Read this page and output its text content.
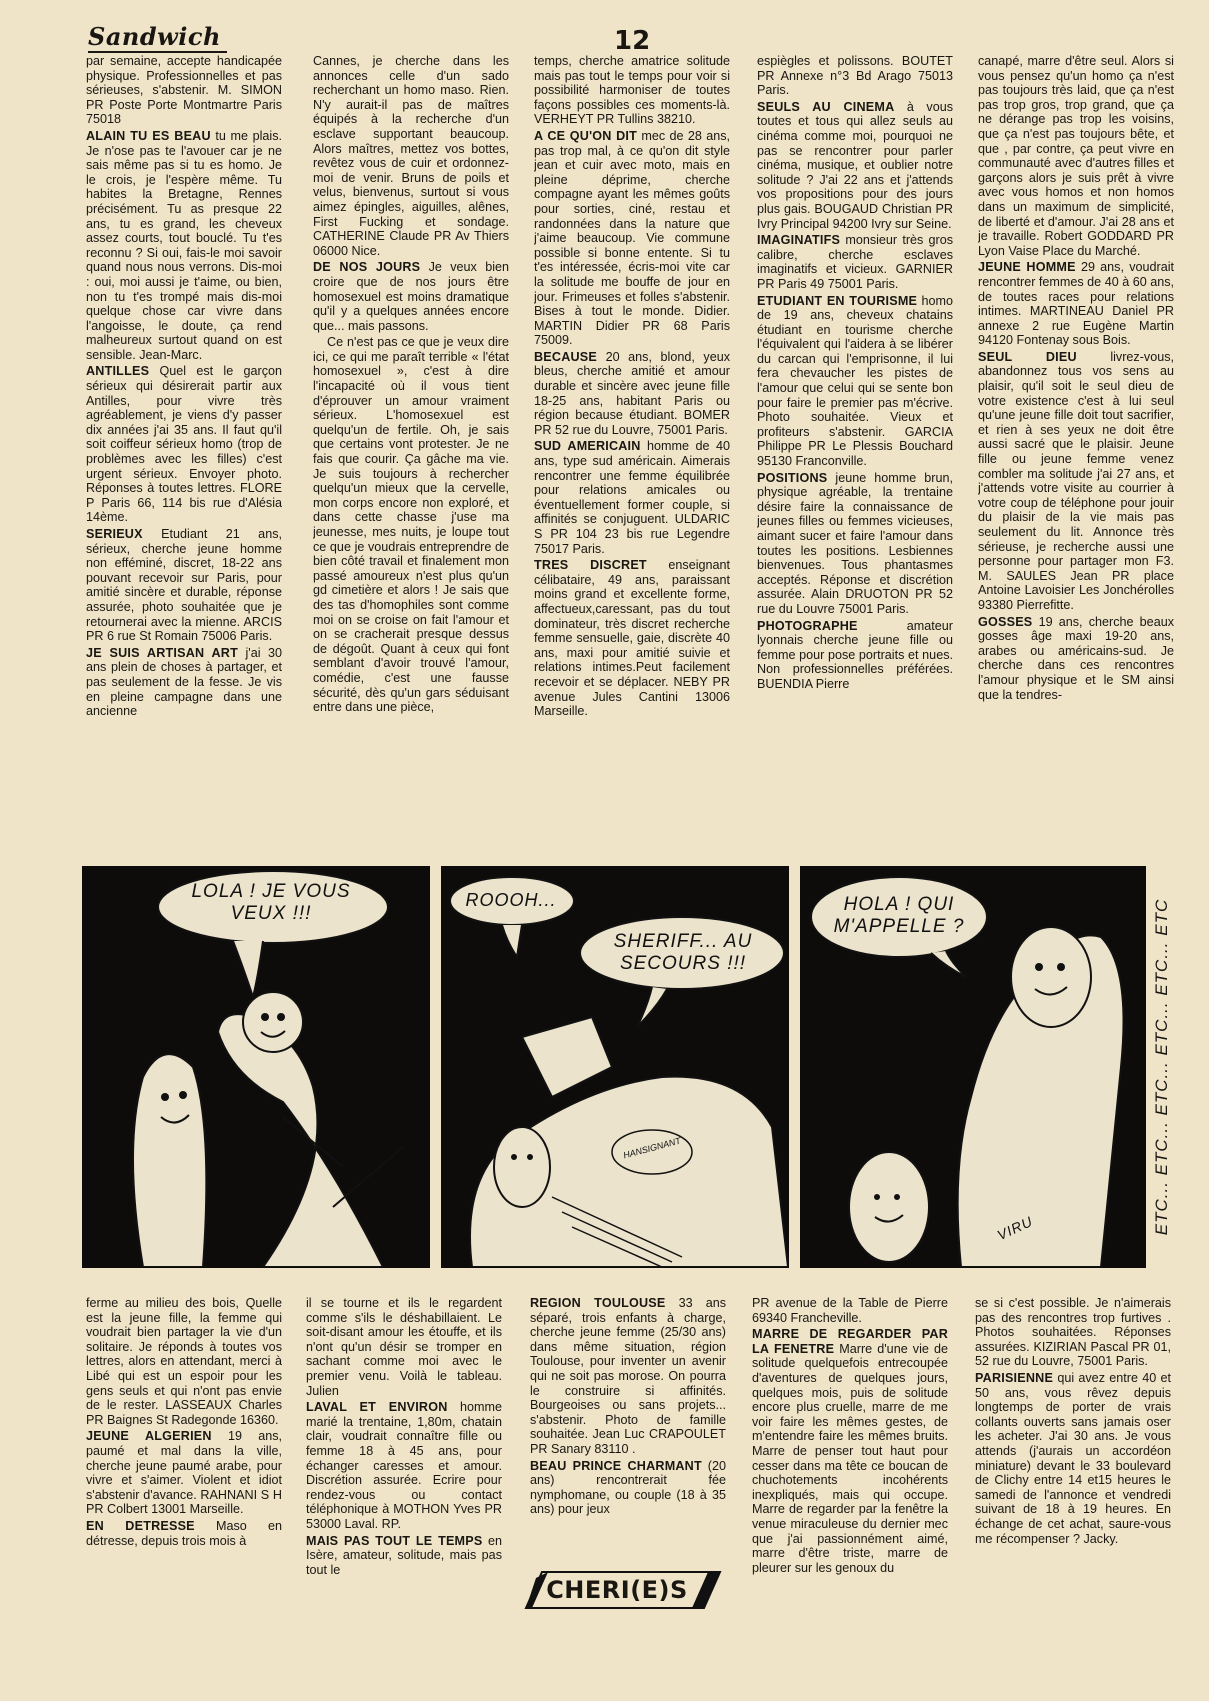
Sandwich	12

par semaine, accepte handicapée physique. Professionnelles et pas sérieuses, s'abstenir. M. SIMON PR Poste Porte Montmartre Paris 75018

ALAIN TU ES BEAU tu me plais. Je n'ose pas te l'avouer car je ne sais même pas si tu es homo. Je le crois, je l'espère même. Tu habites la Bretagne, Rennes précisément. Tu as presque 22 ans, tu es grand, les cheveux assez courts, tout bouclé. Tu t'es reconnu ? Si oui, fais-le moi savoir quand nous nous verrons. Dis-moi : oui, moi aussi je t'aime, ou bien, non tu t'es trompé mais dis-moi quelque chose car vivre dans l'angoisse, le doute, ça rend malheureux surtout quand on est sensible. Jean-Marc.

ANTILLES Quel est le garçon sérieux qui désirerait partir aux Antilles, pour vivre très agréablement, je viens d'y passer dix années j'ai 35 ans. Il faut qu'il soit coiffeur sérieux homo (trop de problèmes avec les filles) c'est urgent sérieux. Envoyer photo. Réponses à toutes lettres. FLORE P Paris 66, 114 bis rue d'Alésia 14ème.

SERIEUX Etudiant 21 ans, sérieux, cherche jeune homme non efféminé, discret, 18-22 ans pouvant recevoir sur Paris, pour amitié sincère et durable, réponse assurée, photo souhaitée que je retournerai avec la mienne. ARCIS PR 6 rue St Romain 75006 Paris.

JE SUIS ARTISAN ART j'ai 30 ans plein de choses à partager, et pas seulement de la fesse. Je vis en pleine campagne dans une ancienne

Cannes, je cherche dans les annonces celle d'un sado recherchant un homo maso. Rien. N'y aurait-il pas de maîtres équipés à la recherche d'un esclave supportant beaucoup. Alors maîtres, mettez vos bottes, revêtez vous de cuir et ordonnez-moi de venir. Bruns de poils et velus, bienvenus, surtout si vous aimez épingles, aiguilles, alênes, First Fucking et sondage. CATHERINE Claude PR Av Thiers 06000 Nice.

DE NOS JOURS Je veux bien croire que de nos jours être homosexuel est moins dramatique qu'il y a quelques années encore que... mais passons.

Ce n'est pas ce que je veux dire ici, ce qui me paraît terrible « l'état homosexuel », c'est à dire l'incapacité où il vous tient d'éprouver un amour vraiment sérieux. L'homosexuel est quelqu'un de fertile. Oh, je sais que certains vont protester. Je ne fais que courir. Ça gâche ma vie. Je suis toujours à rechercher quelqu'un mieux que la cervelle, mon corps encore non exploré, et dans cette chasse j'use ma jeunesse, mes nuits, je loupe tout ce que je voudrais entreprendre de bien côté travail et finalement mon passé amoureux n'est plus qu'un gd cimetière et alors ! Je sais que des tas d'homophiles sont comme moi on se croise on fait l'amour et on se cracherait presque dessus de dégoût. Quant à ceux qui font semblant d'avoir trouvé l'amour, comédie, c'est une fausse sécurité, dès qu'un gars séduisant entre dans une pièce,

temps, cherche amatrice solitude mais pas tout le temps pour voir si possibilité harmoniser de toutes façons possibles ces moments-là. VERHEYT PR Tullins 38210.

A CE QU'ON DIT mec de 28 ans, pas trop mal, à ce qu'on dit style jean et cuir avec moto, mais en pleine déprime, cherche compagne ayant les mêmes goûts pour sorties, ciné, restau et randonnées dans la nature que j'aime beaucoup. Vie commune possible si bonne entente. Si tu t'es intéressée, écris-moi vite car la solitude me bouffe de jour en jour. Frimeuses et folles s'abstenir. Bises à tout le monde. Didier. MARTIN Didier PR 68 Paris 75009.

BECAUSE 20 ans, blond, yeux bleus, cherche amitié et amour durable et sincère avec jeune fille 18-25 ans, habitant Paris ou région because étudiant. BOMER PR 52 rue du Louvre, 75001 Paris.

SUD AMERICAIN homme de 40 ans, type sud américain. Aimerais rencontrer une femme équilibrée pour relations amicales ou éventuellement former couple, si affinités se conjuguent. ULDARIC S PR 104 23 bis rue Legendre 75017 Paris.

TRES DISCRET enseignant célibataire, 49 ans, paraissant moins grand et excellente forme, affectueux,caressant, pas du tout dominateur, très discret recherche femme sensuelle, gaie, discrète 40 ans, maxi pour amitié suivie et relations intimes.Peut facilement recevoir et se déplacer. NEBY PR avenue Jules Cantini 13006 Marseille.

espiègles et polissons. BOUTET PR Annexe n°3 Bd Arago 75013 Paris.

SEULS AU CINEMA à vous toutes et tous qui allez seuls au cinéma comme moi, pourquoi ne pas se rencontrer pour parler cinéma, musique, et oublier notre solitude ? J'ai 22 ans et j'attends vos propositions pour des jours plus gais. BOUGAUD Christian PR Ivry Principal 94200 Ivry sur Seine.

IMAGINATIFS monsieur très gros calibre, cherche esclaves imaginatifs et vicieux. GARNIER PR Paris 49 75001 Paris.

ETUDIANT EN TOURISME homo de 19 ans, cheveux chatains étudiant en tourisme cherche l'équivalent qui l'aidera à se libérer du carcan qui l'emprisonne, il lui fera chevaucher les pistes de l'amour que celui qui se sente bon pour faire le premier pas m'écrive. Photo souhaitée. Vieux et profiteurs s'abstenir. GARCIA Philippe PR Le Plessis Bouchard 95130 Franconville.

POSITIONS jeune homme brun, physique agréable, la trentaine désire faire la connaissance de jeunes filles ou femmes vicieuses, aimant sucer et faire l'amour dans toutes les positions. Lesbiennes bienvenues. Tous phantasmes acceptés. Réponse et discrétion assurée. Alain DRUOTON PR 52 rue du Louvre 75001 Paris.

PHOTOGRAPHE	amateur lyonnais cherche jeune fille ou femme pour pose portraits et nues. Non professionnelles préférées. BUENDIA Pierre

canapé, marre d'être seul. Alors si vous pensez qu'un homo ça n'est pas toujours très laid, que ça n'est pas trop gros, trop grand, que ça ne dérange pas trop les voisins, que ça n'est pas toujours bête, et que , par contre, ça peut vivre en communauté avec d'autres filles et garçons alors je suis prêt à vivre avec vous homos et non homos dans un maximum de simplicité, de liberté et d'amour. J'ai 28 ans et je travaille. Robert GODDARD PR Lyon Vaise Place du Marché.

JEUNE HOMME 29 ans, voudrait rencontrer femmes de 40 à 60 ans, de toutes races pour relations intimes. MARTINEAU Daniel PR annexe 2 rue Eugène Martin 94120 Fontenay sous Bois.

SEUL DIEU	livrez-vous, abandonnez tous vos sens au plaisir, qu'il soit le seul dieu de votre existence c'est à lui seul qu'une jeune fille doit tout sacrifier, et rien à ses yeux ne doit être aussi sacré que le plaisir. Jeune fille ou jeune femme venez combler ma solitude j'ai 27 ans, et j'attends votre visite au courrier à votre coup de téléphone pour jouir du plaisir de la vie mais pas seulement du lit. Annonce très sérieuse, je recherche aussi une personne pour partager mon F3. M. SAULES Jean PR place Antoine Lavoisier Les Jonchérolles 93380 Pierrefitte.

GOSSES 19 ans, cherche beaux gosses âge maxi 19-20 ans, arabes ou américains-sud. Je cherche dans ces rencontres l'amour physique et le SM ainsi que la tendres-

LOLA ! JE VOUS VEUX !!!
ROOOH...
SHERIFF... AU SECOURS !!!
HANSIGNANT
HOLA ! QUI M'APPELLE ?
VIRU	ETC... ETC... ETC... ETC... ETC... ETC

ferme au milieu des bois, Quelle est la jeune fille, la femme qui voudrait bien partager la vie d'un solitaire. Je réponds à toutes vos lettres, alors en attendant, merci à Libé qui est un espoir pour les gens seuls et qui n'ont pas envie de le rester. LASSEAUX Charles PR Baignes St Radegonde 16360.

JEUNE ALGERIEN 19 ans, paumé et mal dans la ville, cherche jeune paumé arabe, pour vivre et s'aimer. Violent et idiot s'abstenir d'avance. RAHNANI S H PR Colbert 13001 Marseille.

EN DETRESSE Maso en détresse, depuis trois mois à

il se tourne et ils le regardent comme s'ils le déshabillaient. Le soit-disant amour les étouffe, et ils n'ont qu'un désir se tromper en sachant comme moi avec le premier venu. Voilà le tableau. Julien

LAVAL ET ENVIRON homme marié la trentaine, 1,80m, chatain clair, voudrait connaître fille ou femme 18 à 45 ans, pour échanger caresses et amour. Discrétion assurée. Ecrire pour rendez-vous ou contact téléphonique à MOTHON Yves PR 53000 Laval. RP.

MAIS PAS TOUT LE TEMPS en Isère, amateur, solitude, mais pas tout le

REGION TOULOUSE 33 ans séparé, trois enfants à charge, cherche jeune femme (25/30 ans) dans même situation, région Toulouse, pour inventer un avenir qui ne soit pas morose. On pourra le construire si affinités. Bourgeoises ou sans projets... s'abstenir. Photo de famille souhaitée. Jean Luc CRAPOULET PR Sanary 83110 .

BEAU PRINCE CHARMANT (20 ans) rencontrerait fée nymphomane, ou couple (18 à 35 ans) pour jeux

PR avenue de la Table de Pierre 69340 Francheville.

MARRE DE REGARDER PAR LA FENETRE Marre d'une vie de solitude quelquefois entrecoupée d'aventures de quelques jours, quelques mois, puis de solitude encore plus cruelle, marre de me voir faire les mêmes gestes, de m'entendre faire les mêmes bruits. Marre de penser tout haut pour cesser dans ma tête ce boucan de chuchotements incohérents inexpliqués, mais qui occupe. Marre de regarder par la fenêtre la venue miraculeuse du dernier mec que j'ai passionnément aimé, marre d'être triste, marre de pleurer sur les genoux du

se si c'est possible. Je n'aimerais pas des rencontres trop furtives . Photos souhaitées. Réponses assurées. KIZIRIAN Pascal PR 01, 52 rue du Louvre, 75001 Paris.

PARISIENNE qui avez entre 40 et 50 ans, vous rêvez depuis longtemps de porter de vrais collants ouverts sans jamais oser les acheter. J'ai 30 ans. Je vous attends (j'aurais un accordéon miniature) devant le 33 boulevard de Clichy entre 14 et15 heures le samedi de l'annonce et vendredi suivant de 18 à 19 heures. En échange de cet achat, saure-vous me récompenser ? Jacky.

CHERI(E)S
